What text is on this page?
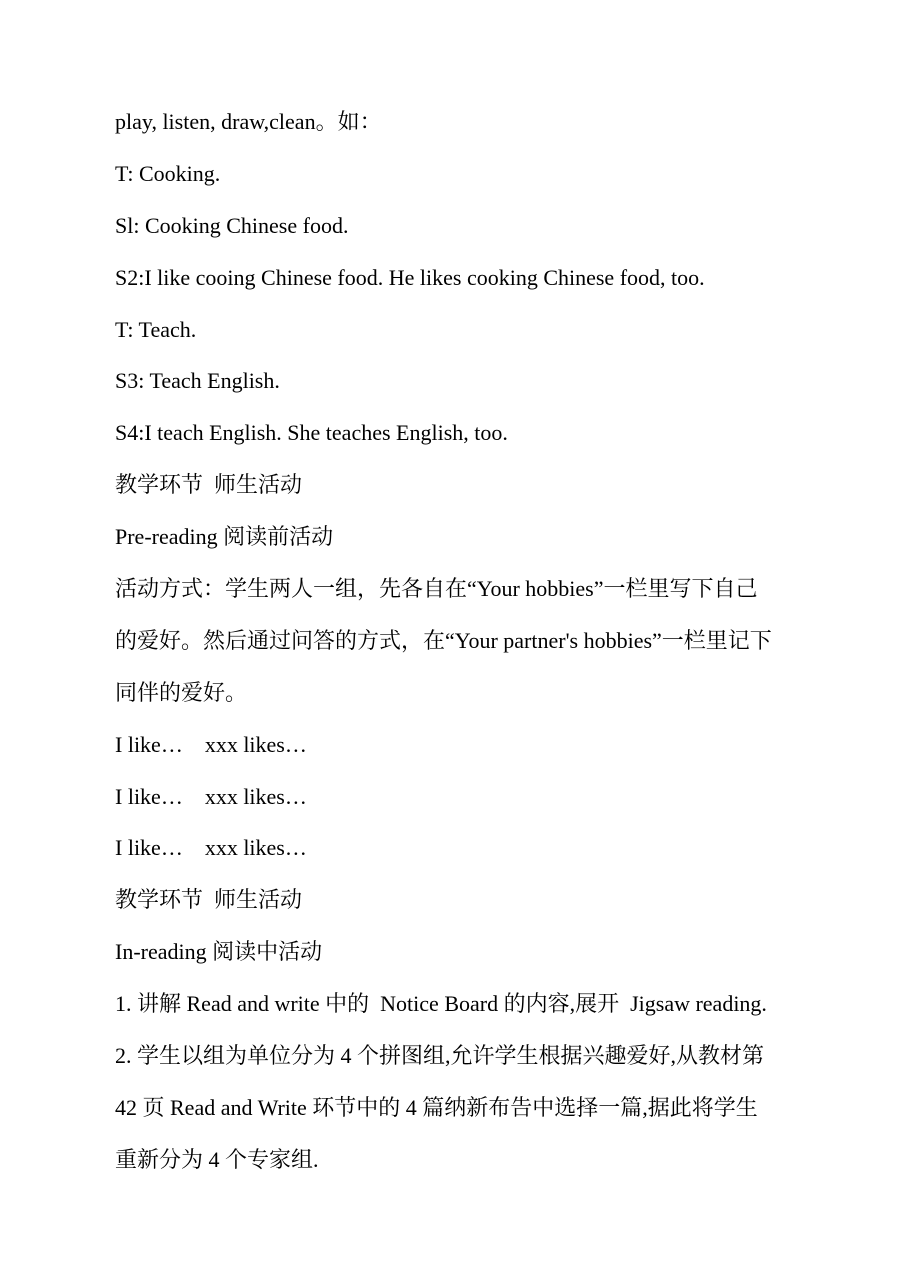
play, listen, draw,clean。如：
T: Cooking.
Sl: Cooking Chinese food.
S2:I like cooing Chinese food. He likes cooking Chinese food, too.
T: Teach.
S3: Teach English.
S4:I teach English. She teaches English, too.
教学环节  师生活动
Pre-reading 阅读前活动
活动方式：学生两人一组，先各自在“Your hobbies”一栏里写下自己
的爱好。然后通过问答的方式，在“Your partner's hobbies”一栏里记下
同伴的爱好。
I like…    xxx likes…
I like…    xxx likes…
I like…    xxx likes…
教学环节  师生活动
In-reading 阅读中活动
1. 讲解 Read and write 中的  Notice Board 的内容,展开  Jigsaw reading.
2. 学生以组为单位分为 4 个拼图组,允许学生根据兴趣爱好,从教材第
42 页 Read and Write 环节中的 4 篇纳新布告中选择一篇,据此将学生
重新分为 4 个专家组.
